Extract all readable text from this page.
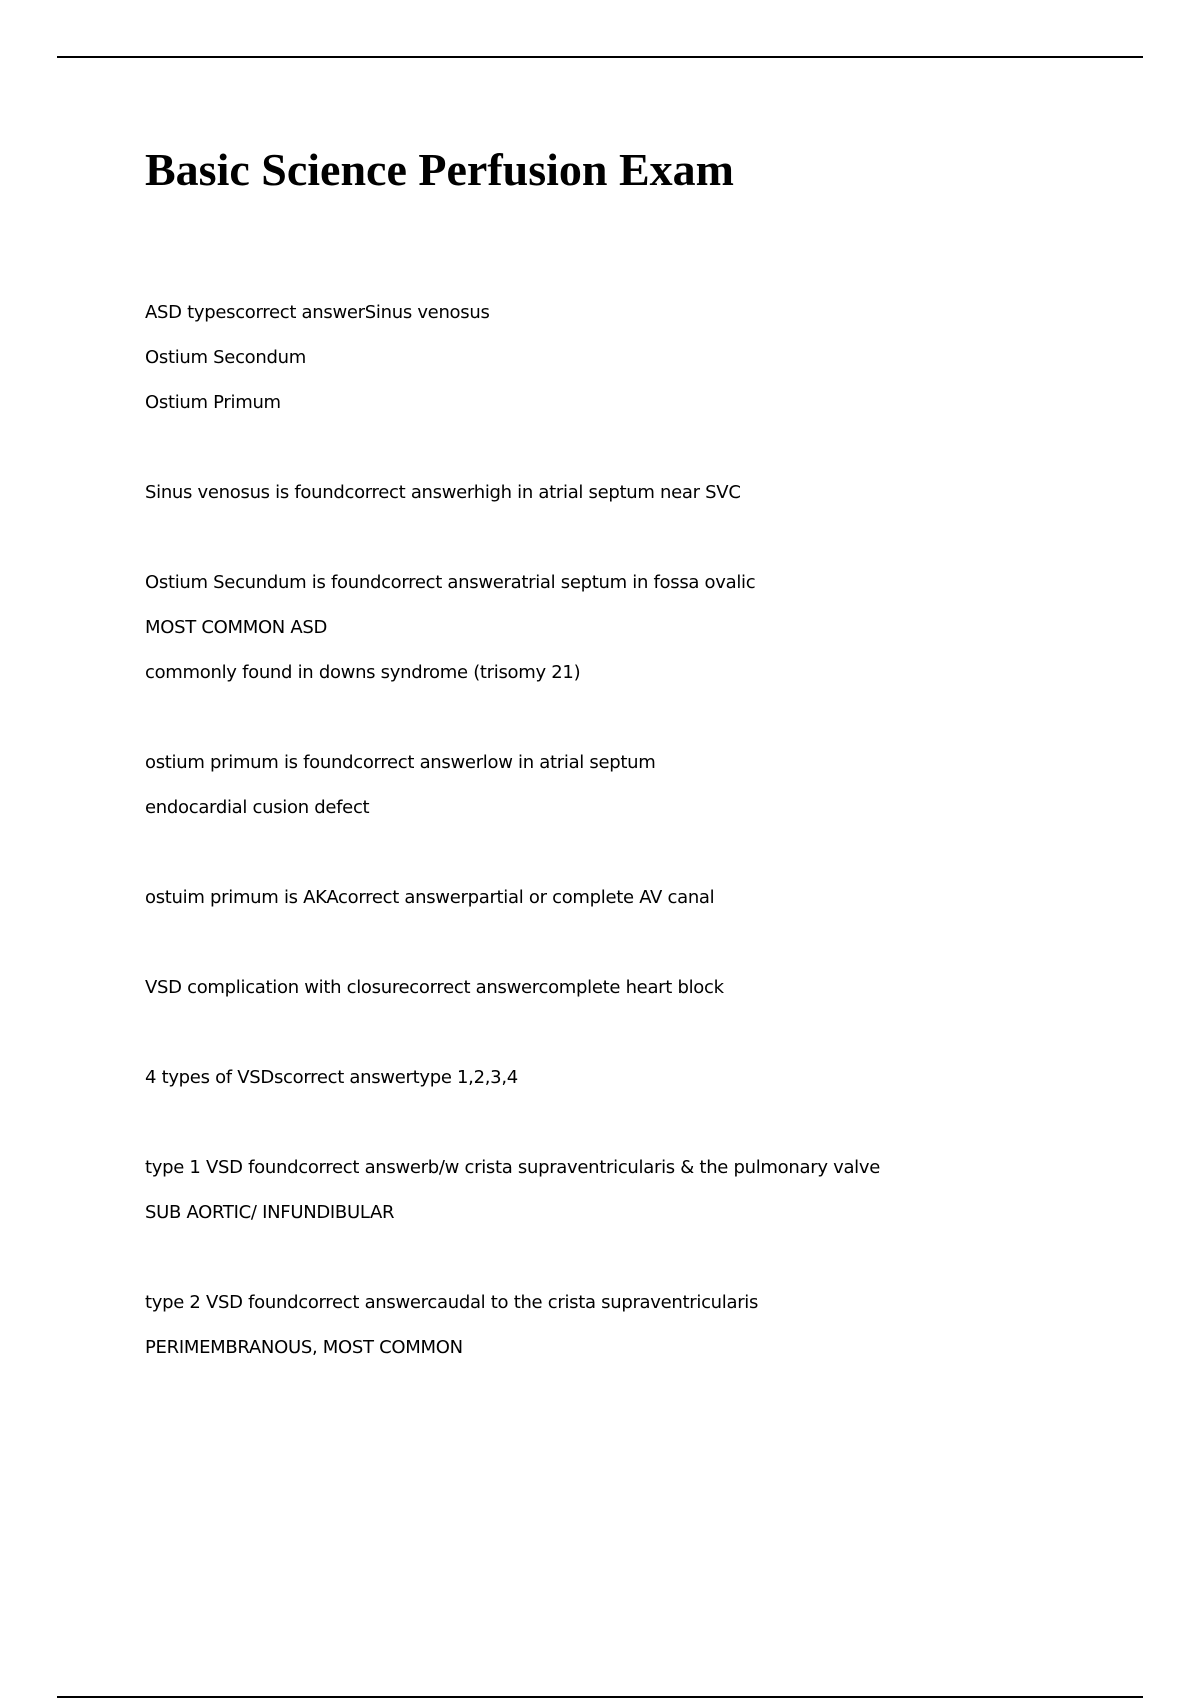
Basic Science Perfusion Exam
ASD typescorrect answerSinus venosus
Ostium Secondum
Ostium Primum
Sinus venosus is foundcorrect answerhigh in atrial septum near SVC
Ostium Secundum is foundcorrect answeratrial septum in fossa ovalic
MOST COMMON ASD
commonly found in downs syndrome (trisomy 21)
ostium primum is foundcorrect answerlow in atrial septum
endocardial cusion defect
ostuim primum is AKAcorrect answerpartial or complete AV canal
VSD complication with closurecorrect answercomplete heart block
4 types of VSDscorrect answertype 1,2,3,4
type 1 VSD foundcorrect answerb/w crista supraventricularis & the pulmonary valve
SUB AORTIC/ INFUNDIBULAR
type 2 VSD foundcorrect answercaudal to the crista supraventricularis
PERIMEMBRANOUS, MOST COMMON
